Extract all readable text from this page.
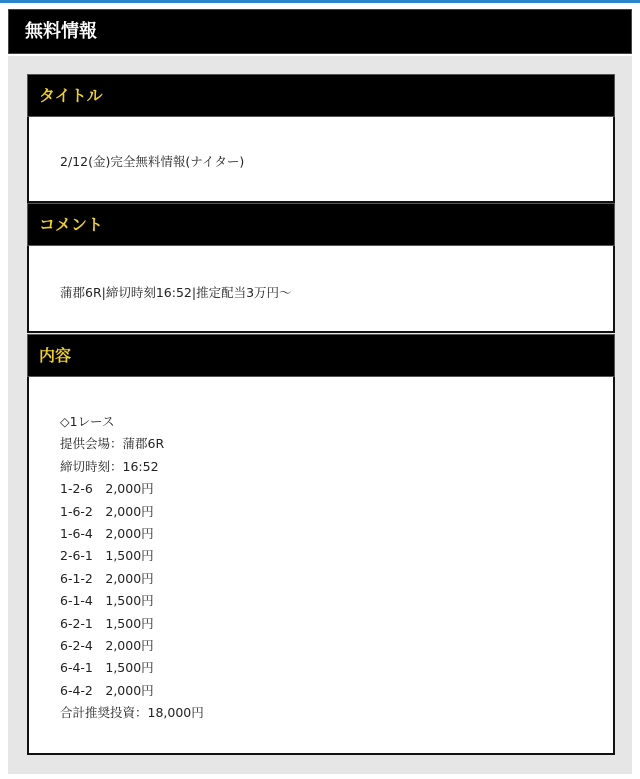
無料情報
タイトル
2/12(金)完全無料情報(ナイター)
コメント
蒲郡6R|締切時刻16:52|推定配当3万円〜
内容
◇1レース
提供会場：蒲郡6R
締切時刻：16:52
1-2-6　2,000円
1-6-2　2,000円
1-6-4　2,000円
2-6-1　1,500円
6-1-2　2,000円
6-1-4　1,500円
6-2-1　1,500円
6-2-4　2,000円
6-4-1　1,500円
6-4-2　2,000円
合計推奨投資：18,000円
